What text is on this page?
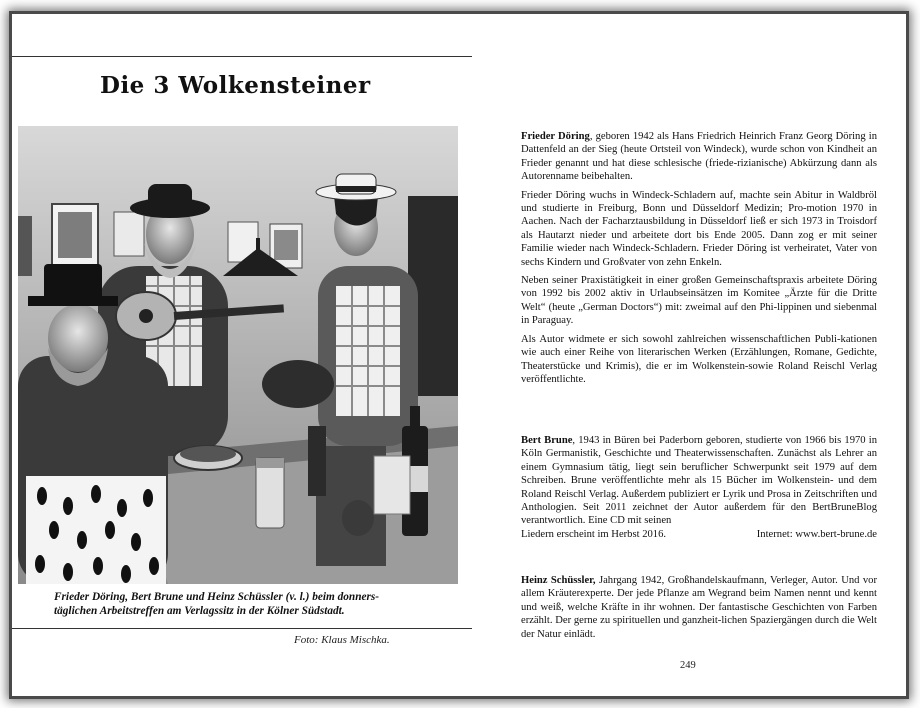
Die 3 Wolkensteiner
Frieder Döring, Bert Brune und Heinz Schüssler (v. l.) beim donners-
täglichen Arbeitstreffen am Verlagssitz in der Kölner Südstadt.
Foto: Klaus Mischka.

Frieder Döring, geboren 1942 als Hans Friedrich Heinrich Franz Georg Döring in Dattenfeld an der Sieg (heute Ortsteil von Windeck), wurde schon von Kindheit an Frieder genannt und hat diese schlesische (friede-rizianische) Abkürzung dann als Autorenname beibehalten.

Frieder Döring wuchs in Windeck-Schladern auf, machte sein Abitur in Waldbröl und studierte in Freiburg, Bonn und Düsseldorf Medizin; Pro-motion 1970 in Aachen. Nach der Facharztausbildung in Düsseldorf ließ er sich 1973 in Troisdorf als Hautarzt nieder und arbeitete dort bis Ende 2005. Dann zog er mit seiner Familie wieder nach Windeck-Schladern. Frieder Döring ist verheiratet, Vater von sechs Kindern und Großvater von zehn Enkeln.

Neben seiner Praxistätigkeit in einer großen Gemeinschaftspraxis arbeitete Döring von 1992 bis 2002 aktiv in Urlaubseinsätzen im Komitee „Ärzte für die Dritte Welt“ (heute „German Doctors“) mit: zweimal auf den Phi-lippinen und siebenmal in Paraguay.

Als Autor widmete er sich sowohl zahlreichen wissenschaftlichen Publi-kationen wie auch einer Reihe von literarischen Werken (Erzählungen, Romane, Gedichte, Theaterstücke und Krimis), die er im Wolkenstein-sowie Roland Reischl Verlag veröffentlichte.

Bert Brune, 1943 in Büren bei Paderborn geboren, studierte von 1966 bis 1970 in Köln Germanistik, Geschichte und Theaterwissenschaften. Zunächst als Lehrer an einem Gymnasium tätig, liegt sein beruflicher Schwerpunkt seit 1979 auf dem Schreiben. Brune veröffentlichte mehr als 15 Bücher im Wolkenstein- und dem Roland Reischl Verlag. Außerdem publiziert er Lyrik und Prosa in Zeitschriften und Anthologien. Seit 2011 zeichnet der Autor außerdem für den BertBruneBlog verantwortlich. Eine CD mit seinen

Liedern erscheint im Herbst 2016.	Internet: www.bert-brune.de

Heinz Schüssler, Jahrgang 1942, Großhandelskaufmann, Verleger, Autor. Und vor allem Kräuterexperte. Der jede Pflanze am Wegrand beim Namen nennt und kennt und weiß, welche Kräfte in ihr wohnen. Der fantastische Geschichten von Farben erzählt. Der gerne zu spirituellen und ganzheit-lichen Spaziergängen durch die Welt der Natur einlädt.

249
